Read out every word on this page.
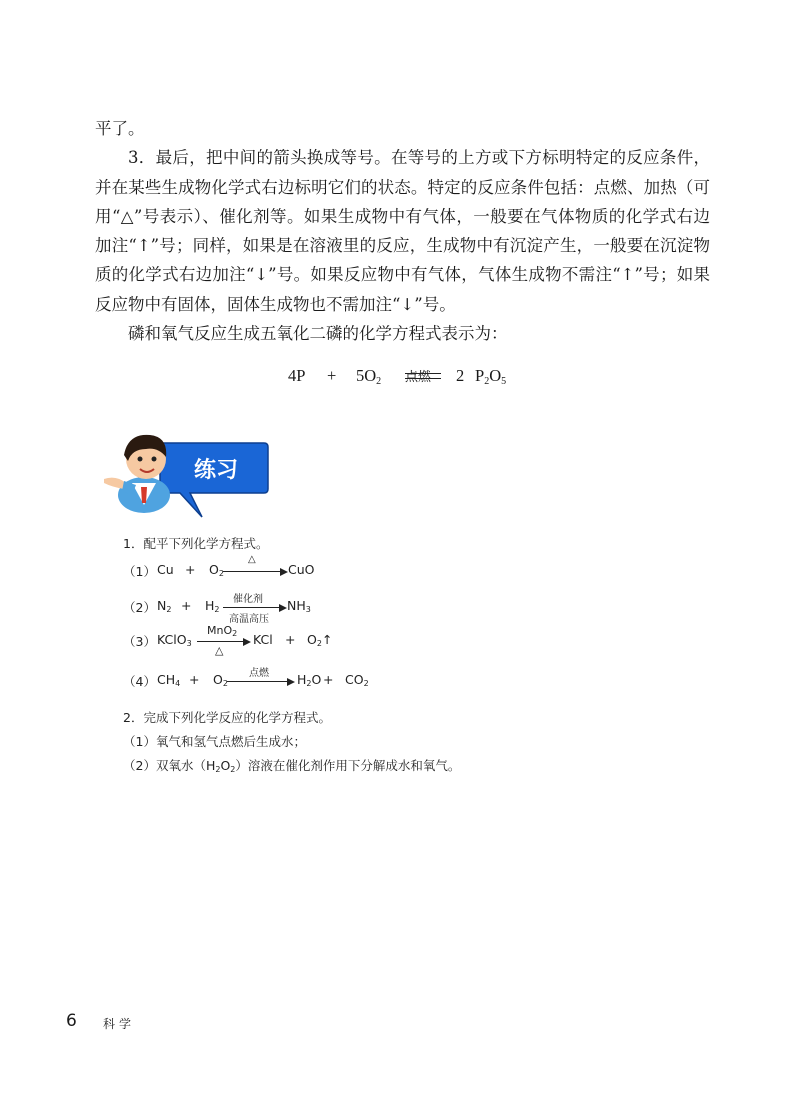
平了。

3．最后，把中间的箭头换成等号。在等号的上方或下方标明特定的反应条件，并在某些生成物化学式右边标明它们的状态。特定的反应条件包括：点燃、加热（可用“△”号表示）、催化剂等。如果生成物中有气体，一般要在气体物质的化学式右边加注“↑”号；同样，如果是在溶液里的反应，生成物中有沉淀产生，一般要在沉淀物质的化学式右边加注“↓”号。如果反应物中有气体，气体生成物不需注“↑”号；如果反应物中有固体，固体生成物也不需加注“↓”号。

磷和氧气反应生成五氧化二磷的化学方程式表示为：

$4P + 5O_2$ 点燃 2 $P_2O_5$
练习
1．配平下列化学方程式。
（1） $Cu + O_2$
△
CuO
（2） $N_2 + H_2$
催化剂
高温高压
$NH_3$
（3） KClO$_3$
MnO$_2$
△
KCl + $O_2↑$
（4） $CH_4 + O_2$
点燃 $H_2O + CO_2$
2．完成下列化学反应的化学方程式。
（1）氧气和氢气点燃后生成水；
（2）双氧水$(H_2O_2)$溶液在催化剂作用下分解成水和氧气。
6 科学
